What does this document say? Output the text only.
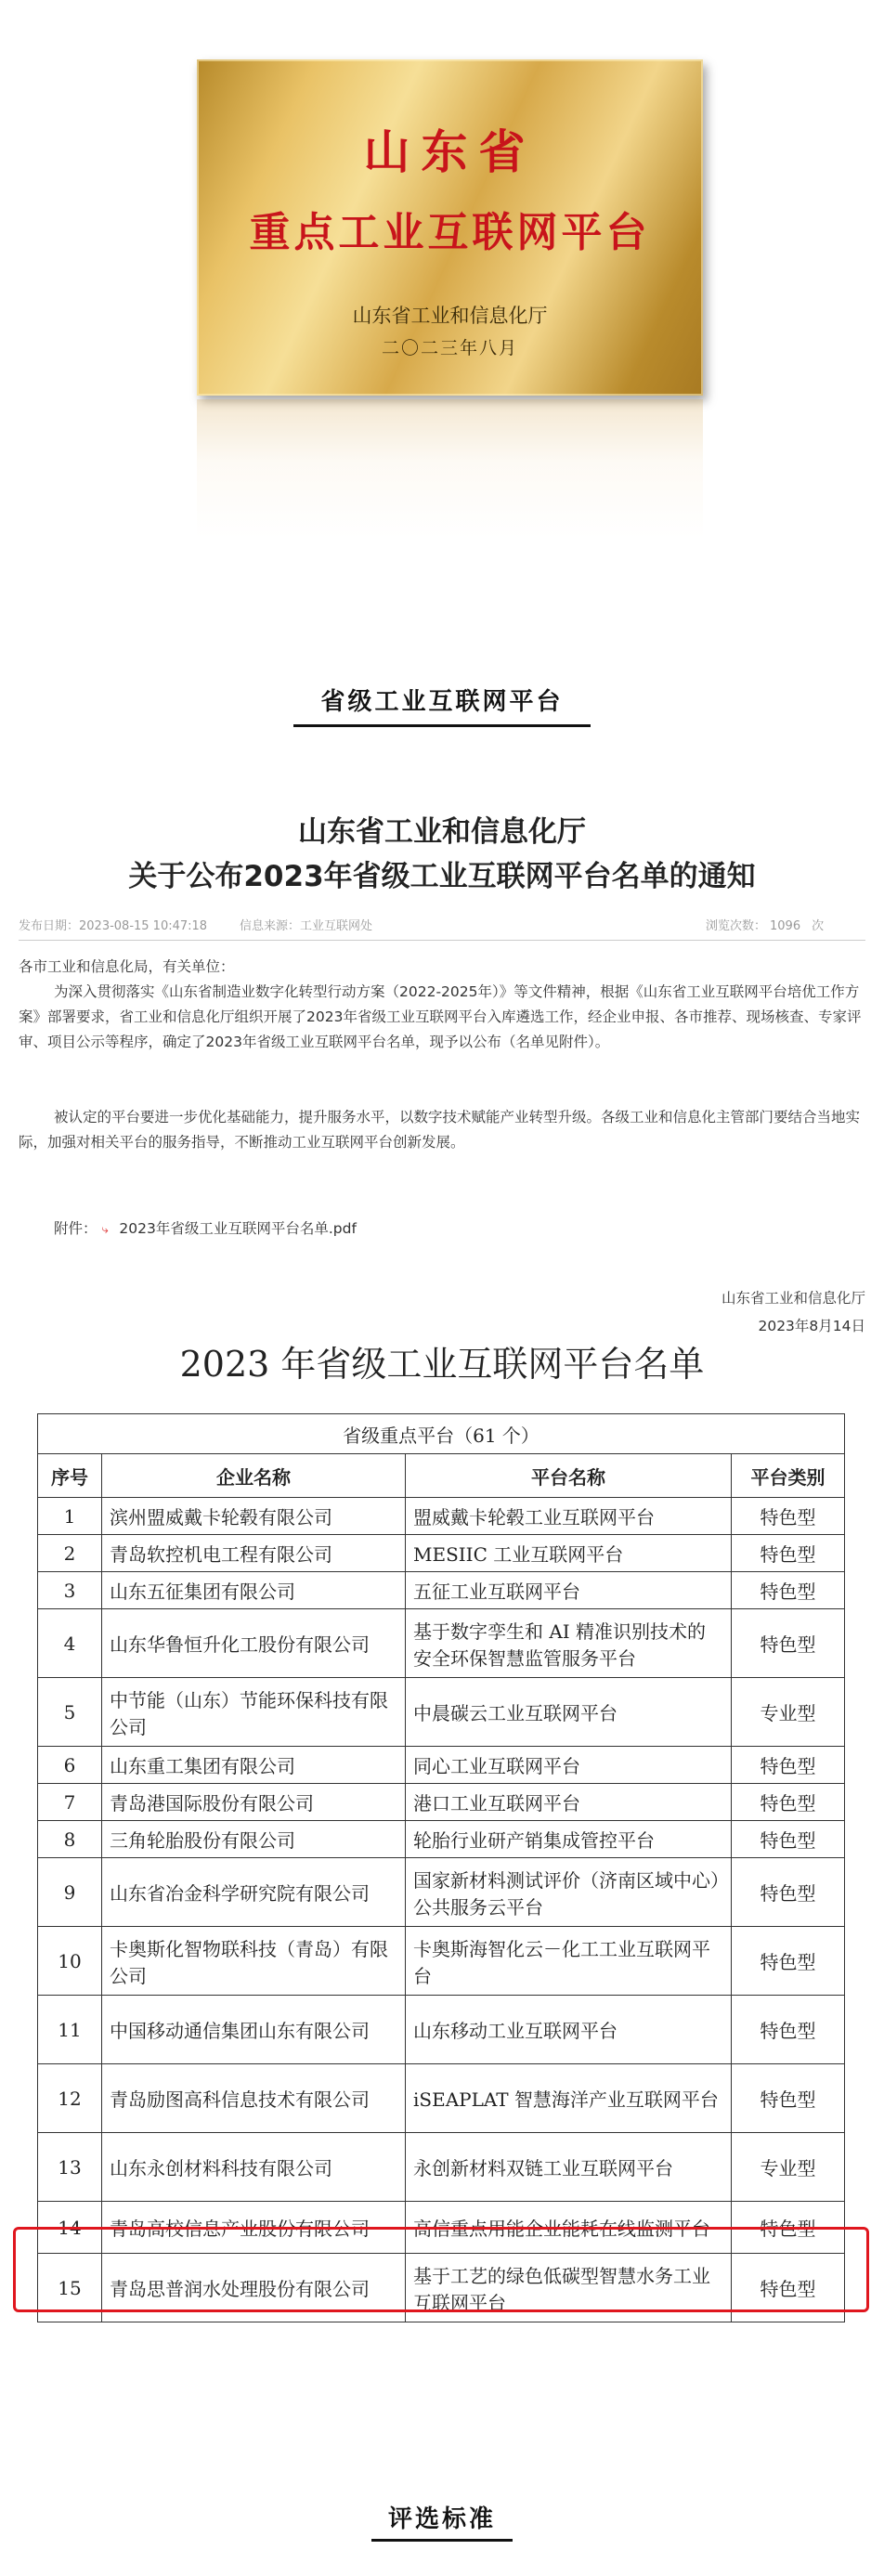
山东省
重点工业互联网平台
山东省工业和信息化厅
二〇二三年八月
省级工业互联网平台
山东省工业和信息化厅
关于公布2023年省级工业互联网平台名单的通知
发布日期：2023-08-15 10:47:18	信息来源：工业互联网处	浏览次数： 1096 次
各市工业和信息化局，有关单位：
为深入贯彻落实《山东省制造业数字化转型行动方案（2022-2025年）》等文件精神，根据《山东省工业互联网平台培优工作方案》部署要求，省工业和信息化厅组织开展了2023年省级工业互联网平台入库遴选工作，经企业申报、各市推荐、现场核查、专家评审、项目公示等程序，确定了2023年省级工业互联网平台名单，现予以公布（名单见附件）。
被认定的平台要进一步优化基础能力，提升服务水平，以数字技术赋能产业转型升级。各级工业和信息化主管部门要结合当地实际，加强对相关平台的服务指导，不断推动工业互联网平台创新发展。
附件： ⤷ 2023年省级工业互联网平台名单.pdf
山东省工业和信息化厅
2023年8月14日
2023 年省级工业互联网平台名单
省级重点平台（61 个）			
序号	企业名称	平台名称	平台类别
1	滨州盟威戴卡轮毂有限公司	盟威戴卡轮毂工业互联网平台	特色型
2	青岛软控机电工程有限公司	MESIIC 工业互联网平台	特色型
3	山东五征集团有限公司	五征工业互联网平台	特色型
4	山东华鲁恒升化工股份有限公司	基于数字孪生和 AI 精准识别技术的安全环保智慧监管服务平台	特色型
5	中节能（山东）节能环保科技有限公司	中晨碳云工业互联网平台	专业型
6	山东重工集团有限公司	同心工业互联网平台	特色型
7	青岛港国际股份有限公司	港口工业互联网平台	特色型
8	三角轮胎股份有限公司	轮胎行业研产销集成管控平台	特色型
9	山东省冶金科学研究院有限公司	国家新材料测试评价（济南区域中心）公共服务云平台	特色型
10	卡奥斯化智物联科技（青岛）有限公司	卡奥斯海智化云－化工工业互联网平台	特色型
11	中国移动通信集团山东有限公司	山东移动工业互联网平台	特色型
12	青岛励图高科信息技术有限公司	iSEAPLAT 智慧海洋产业互联网平台	特色型
13	山东永创材料科技有限公司	永创新材料双链工业互联网平台	专业型
14	青岛高校信息产业股份有限公司	高信重点用能企业能耗在线监测平台	特色型
15	青岛思普润水处理股份有限公司	基于工艺的绿色低碳型智慧水务工业互联网平台	特色型
评选标准
